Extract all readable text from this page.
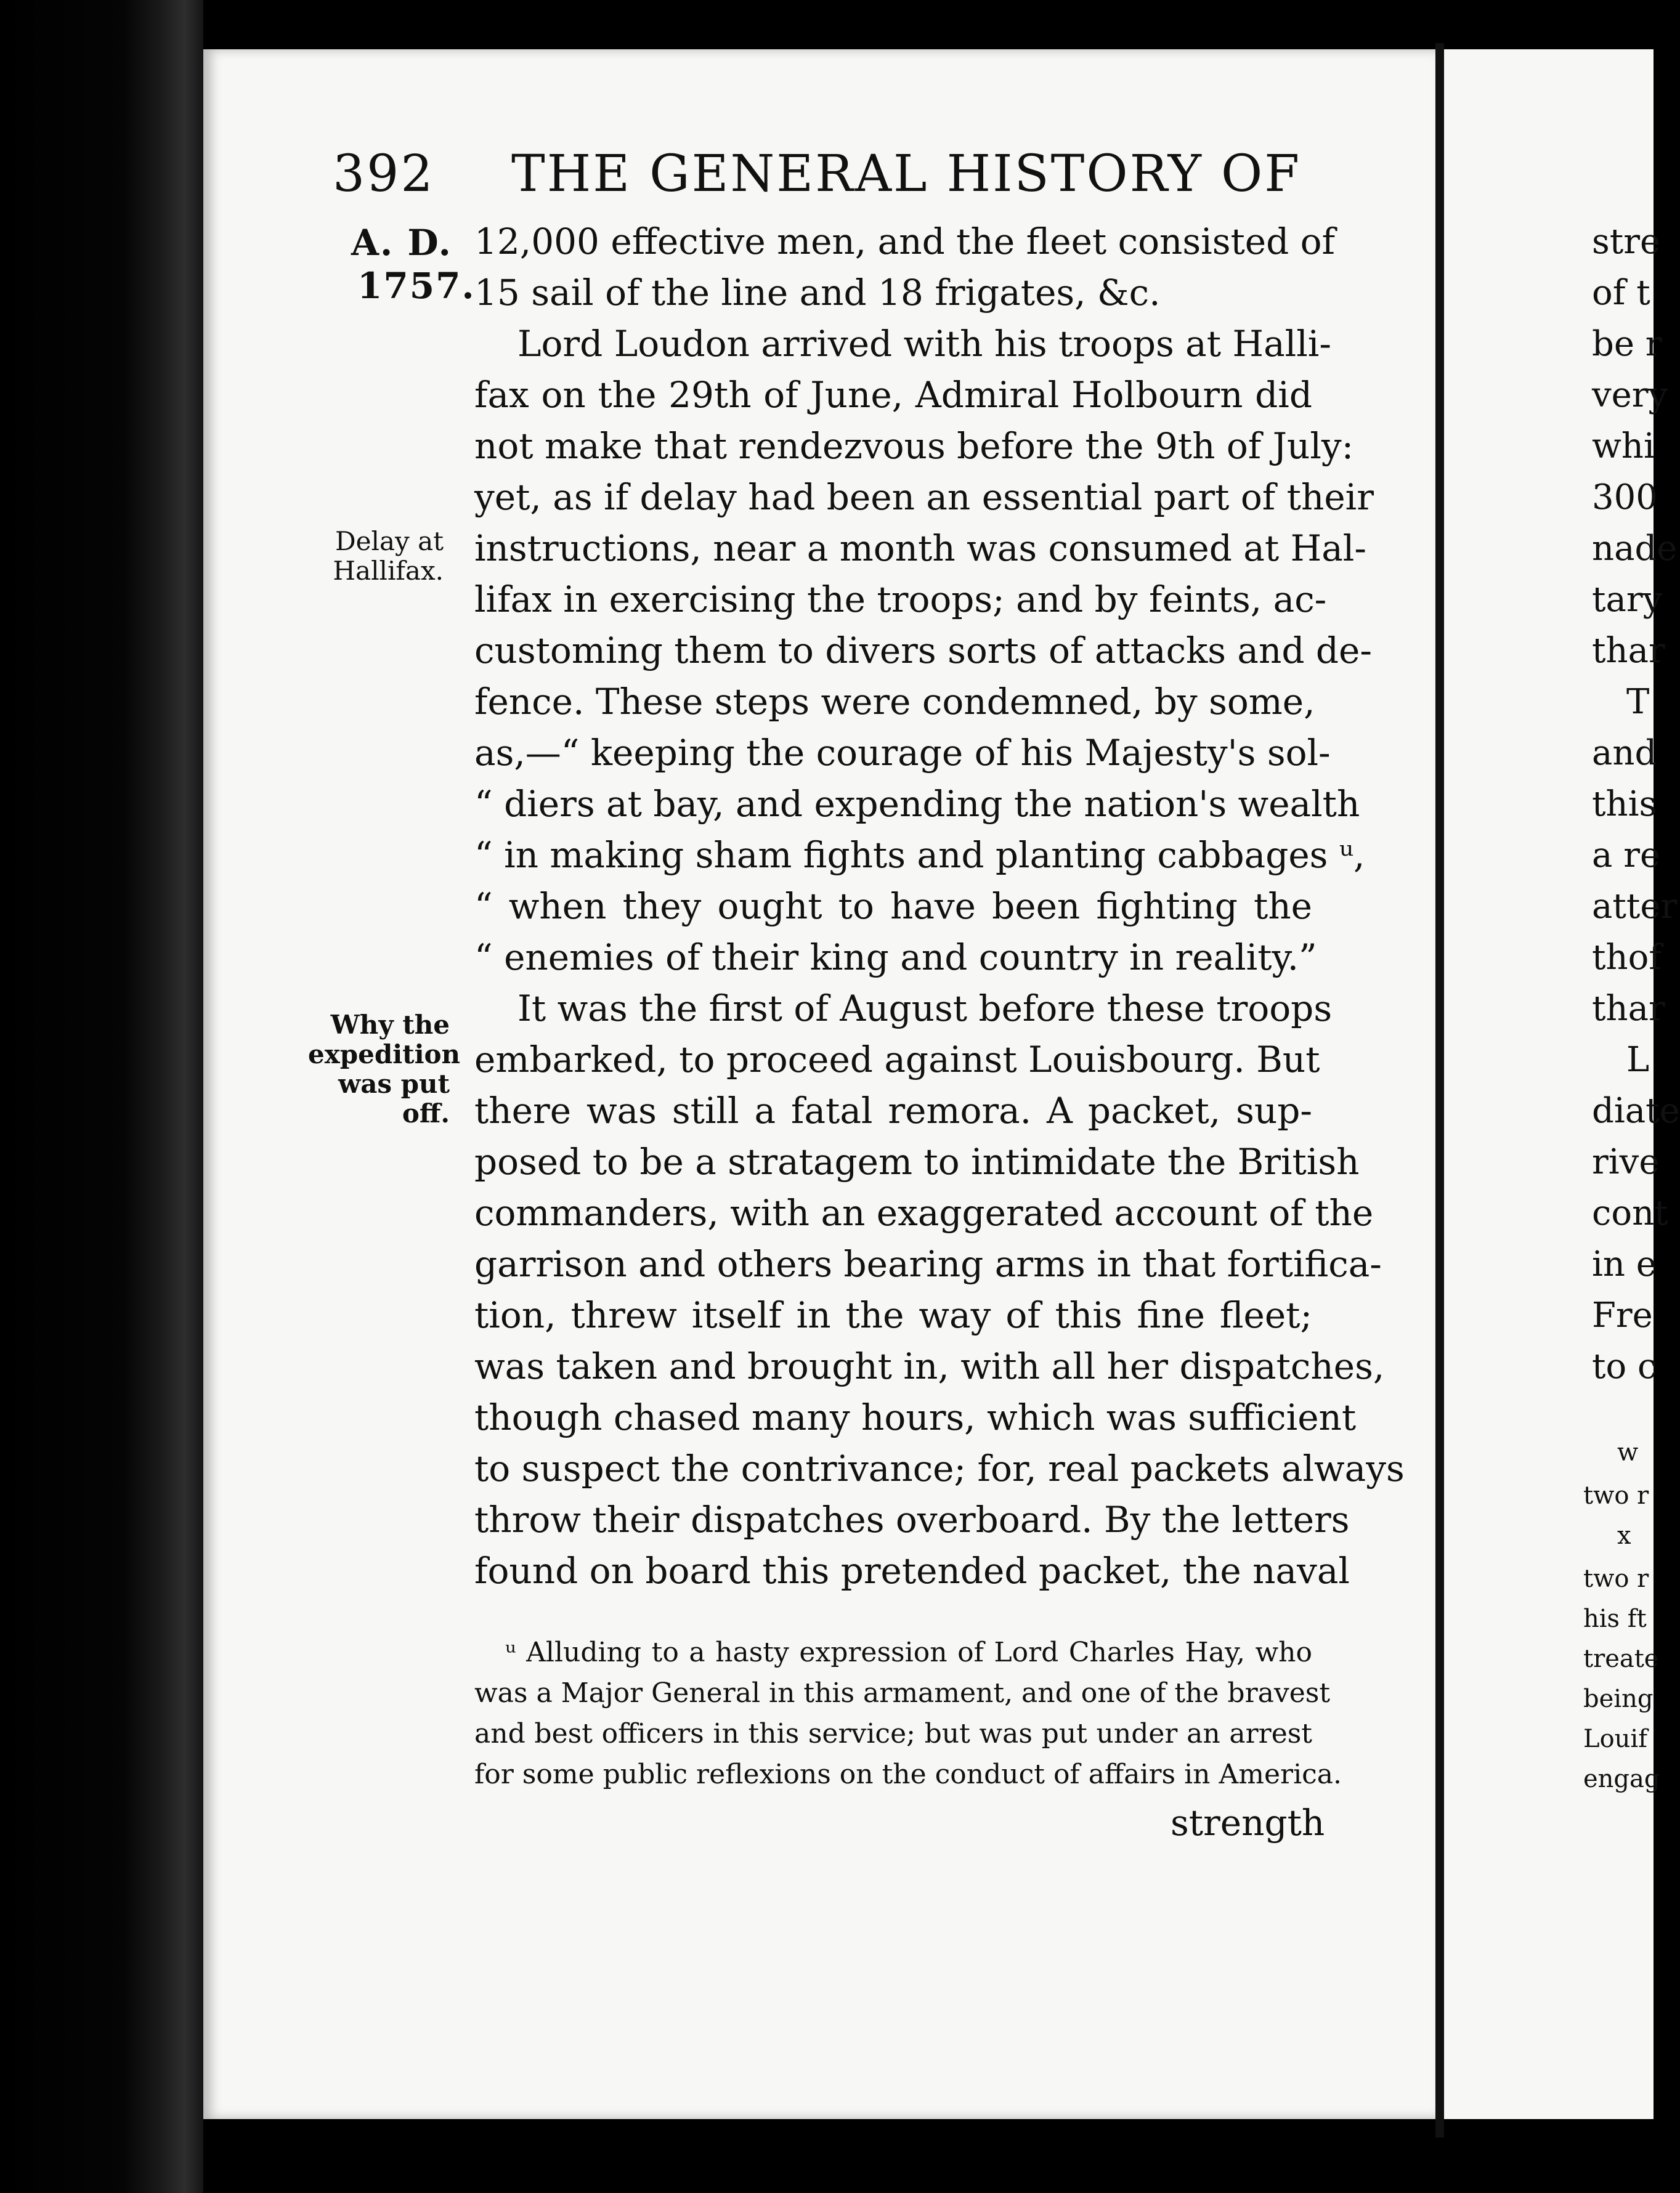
392 THE GENERAL HISTORY OF
A. D.
1757.
Delay at
Hallifax.
Why the
expedition
was put off.
12,000 effective men, and the fleet consisted of
15 sail of the line and 18 frigates, &c.
Lord Loudon arrived with his troops at Halli-
fax on the 29th of June, Admiral Holbourn did
not make that rendezvous before the 9th of July:
yet, as if delay had been an essential part of their
instructions, near a month was consumed at Hal-
lifax in exercising the troops; and by feints, ac-
customing them to divers sorts of attacks and de-
fence. These steps were condemned, by some,
as,—“ keeping the courage of his Majesty's sol-
“ diers at bay, and expending the nation's wealth
“ in making sham fights and planting cabbages ᵘ,
“ when they ought to have been fighting the
“ enemies of their king and country in reality.”
It was the first of August before these troops
embarked, to proceed against Louisbourg. But
there was still a fatal remora. A packet, sup-
posed to be a stratagem to intimidate the British
commanders, with an exaggerated account of the
garrison and others bearing arms in that fortifica-
tion, threw itself in the way of this fine fleet;
was taken and brought in, with all her dispatches,
though chased many hours, which was sufficient
to suspect the contrivance; for, real packets always
throw their dispatches overboard. By the letters
found on board this pretended packet, the naval
ᵘ Alluding to a hasty expression of Lord Charles Hay, who
was a Major General in this armament, and one of the bravest
and best officers in this service; but was put under an arrest
for some public reflexions on the conduct of affairs in America.
strength
stre
of t
be r
very
whi
300
nade
tary
thar
T
and
this
a re
atter
thof
thar
L
diate
rive
cont
in e
Fre
to c
w
two r
x
two r
his ft
treate
being
Louif
engag
